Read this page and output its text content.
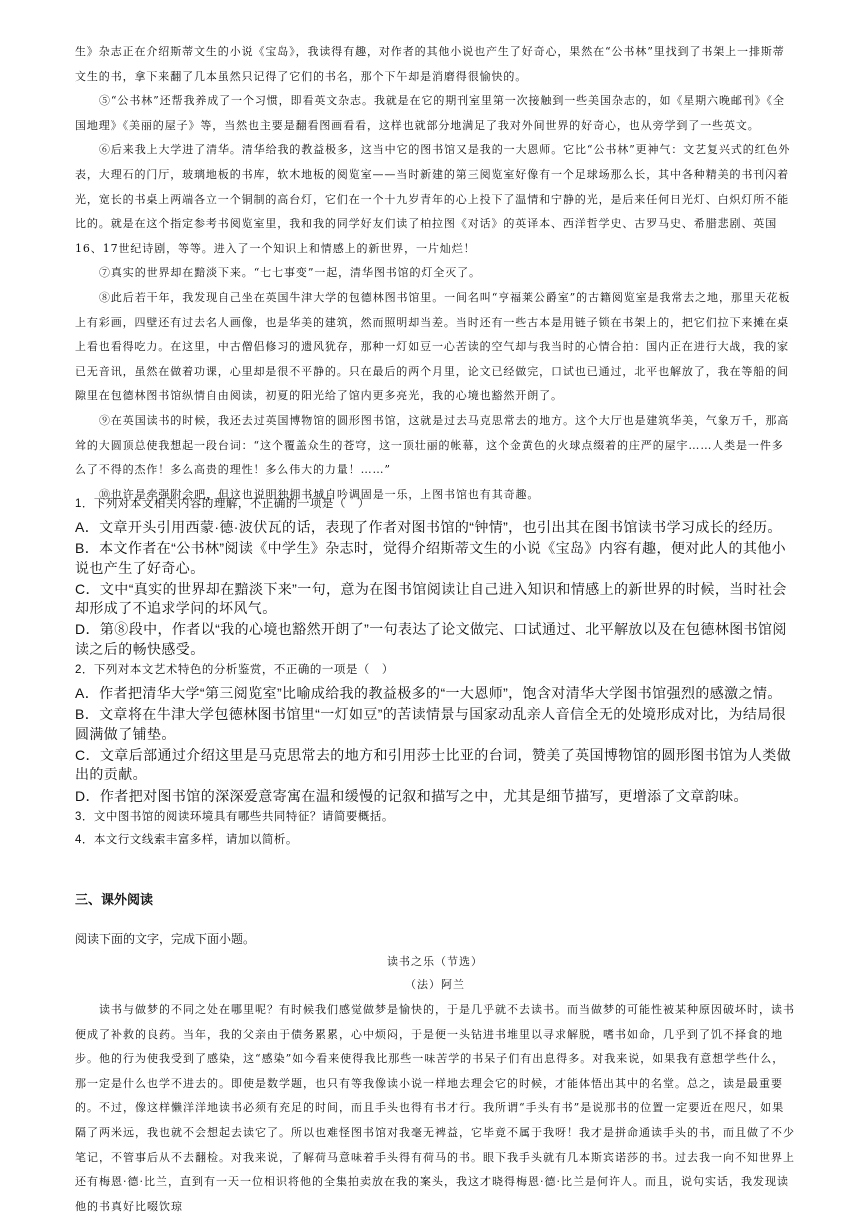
生》杂志正在介绍斯蒂文生的小说《宝岛》，我读得有趣，对作者的其他小说也产生了好奇心，果然在“公书林”里找到了书架上一排斯蒂文生的书，拿下来翻了几本虽然只记得了它们的书名，那个下午却是消磨得很愉快的。

⑤“公书林”还帮我养成了一个习惯，即看英文杂志。我就是在它的期刊室里第一次接触到一些美国杂志的，如《星期六晚邮刊》《全国地理》《美丽的屋子》等，当然也主要是翻看图画看看，这样也就部分地满足了我对外间世界的好奇心，也从旁学到了一些英文。

⑥后来我上大学进了清华。清华给我的教益极多，这当中它的图书馆又是我的一大恩师。它比“公书林”更神气：文艺复兴式的红色外表，大理石的门厅，玻璃地板的书库，软木地板的阅览室——当时新建的第三阅览室好像有一个足球场那么长，其中各种精美的书刊闪着光，宽长的书桌上两端各立一个铜制的高台灯，它们在一个十九岁青年的心上投下了温情和宁静的光，是后来任何日光灯、白炽灯所不能比的。就是在这个指定参考书阅览室里，我和我的同学好友们读了柏拉图《对话》的英译本、西洋哲学史、古罗马史、希腊悲剧、英国16、17世纪诗剧，等等。进入了一个知识上和情感上的新世界，一片灿烂！

⑦真实的世界却在黯淡下来。“七七事变”一起，清华图书馆的灯全灭了。

⑧此后若干年，我发现自己坐在英国牛津大学的包德林图书馆里。一间名叫“亨福莱公爵室”的古籍阅览室是我常去之地，那里天花板上有彩画，四壁还有过去名人画像，也是华美的建筑，然而照明却当差。当时还有一些古本是用链子锁在书架上的，把它们拉下来摊在桌上看也看得吃力。在这里，中古僧侣修习的遗风犹存，那种一灯如豆一心苦读的空气却与我当时的心情合拍：国内正在进行大战，我的家已无音讯，虽然在做着功课，心里却是很不平静的。只在最后的两个月里，论文已经做完，口试也已通过，北平也解放了，我在等船的间隙里在包德林图书馆纵情自由阅读，初夏的阳光给了馆内更多亮光，我的心境也豁然开朗了。

⑨在英国读书的时候，我还去过英国博物馆的圆形图书馆，这就是过去马克思常去的地方。这个大厅也是建筑华美，气象万千，那高耸的大圆顶总使我想起一段台词：“这个覆盖众生的苍穹，这一顶壮丽的帐幕，这个金黄色的火球点缀着的庄严的屋宇……人类是一件多么了不得的杰作！多么高贵的理性！多么伟大的力量！……”

⑩也许是牵强附会吧，但这也说明独拥书城自吟调固是一乐，上图书馆也有其奇趣。

1．下列对本文相关内容的理解，不正确的一项是（　）
A．文章开头引用西蒙·德·波伏瓦的话，表现了作者对图书馆的“钟情”，也引出其在图书馆读书学习成长的经历。
B．本文作者在“公书林”阅读《中学生》杂志时，觉得介绍斯蒂文生的小说《宝岛》内容有趣，便对此人的其他小说也产生了好奇心。
C．文中“真实的世界却在黯淡下来”一句，意为在图书馆阅读让自己进入知识和情感上的新世界的时候，当时社会却形成了不追求学问的坏风气。
D．第⑧段中，作者以“我的心境也豁然开朗了”一句表达了论文做完、口试通过、北平解放以及在包德林图书馆阅读之后的畅快感受。
2．下列对本文艺术特色的分析鉴赏，不正确的一项是（　）
A．作者把清华大学“第三阅览室”比喻成给我的教益极多的“一大恩师”，饱含对清华大学图书馆强烈的感激之情。
B．文章将在牛津大学包德林图书馆里“一灯如豆”的苦读情景与国家动乱亲人音信全无的处境形成对比，为结局很圆满做了铺垫。
C．文章后部通过介绍这里是马克思常去的地方和引用莎士比亚的台词，赞美了英国博物馆的圆形图书馆为人类做出的贡献。
D．作者把对图书馆的深深爱意寄寓在温和缓慢的记叙和描写之中，尤其是细节描写，更增添了文章韵味。
3．文中图书馆的阅读环境具有哪些共同特征？请简要概括。
4．本文行文线索丰富多样，请加以简析。
三、课外阅读
阅读下面的文字，完成下面小题。
读书之乐（节选）
（法）阿兰

读书与做梦的不同之处在哪里呢？有时候我们感觉做梦是愉快的，于是几乎就不去读书。而当做梦的可能性被某种原因破坏时，读书便成了补救的良药。当年，我的父亲由于债务累累，心中烦闷，于是便一头钻进书堆里以寻求解脱，嗜书如命，几乎到了饥不择食的地步。他的行为使我受到了感染，这“感染”如今看来使得我比那些一味苦学的书呆子们有出息得多。对我来说，如果我有意想学些什么，那一定是什么也学不进去的。即使是数学题，也只有等我像读小说一样地去理会它的时候，才能体悟出其中的名堂。总之，读是最重要的。不过，像这样懒洋洋地读书必须有充足的时间，而且手头也得有书才行。我所谓“手头有书”是说那书的位置一定要近在咫尺，如果隔了两米远，我也就不会想起去读它了。所以也难怪图书馆对我毫无裨益，它毕竟不属于我呀！我才是拼命通读手头的书，而且做了不少笔记，不管事后从不去翻检。对我来说，了解荷马意味着手头得有荷马的书。眼下我手头就有几本斯宾诺莎的书。过去我一向不知世界上还有梅恩·德·比兰，直到有一天一位相识将他的全集拍卖放在我的案头，我这才晓得梅恩·德·比兰是何许人。而且，说句实话，我发现读他的书真好比啜饮琼
